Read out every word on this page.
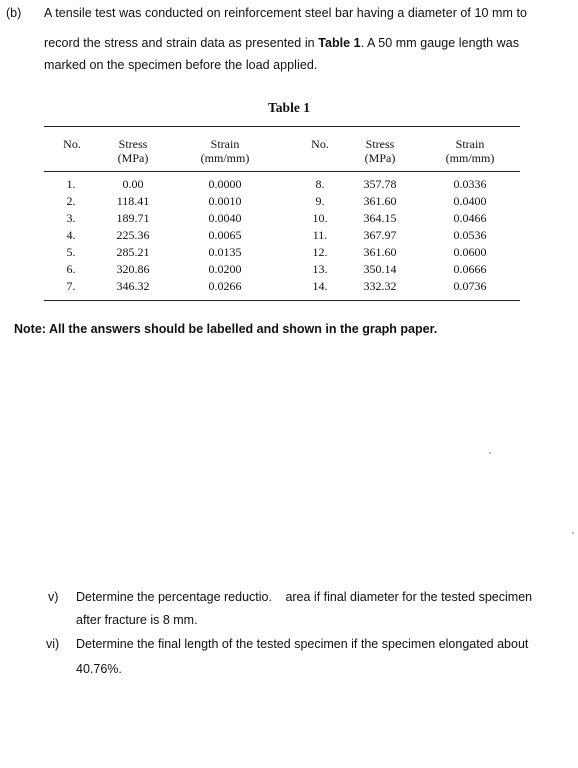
(b) A tensile test was conducted on reinforcement steel bar having a diameter of 10 mm to
record the stress and strain data as presented in Table 1. A 50 mm gauge length was
marked on the specimen before the load applied.
Table 1
No.	Stress
(MPa)
Strain
(mm/mm)
No.	Stress
(MPa)
Strain
(mm/mm)
1.
2.
3.
4.
5.
6.
7.
0.00
118.41
189.71
225.36
285.21
320.86
346.32
0.0000
0.0010
0.0040
0.0065
0.0135
0.0200
0.0266
8.
9.
10.
11.
12.
13.
14.
357.78
361.60
364.15
367.97
361.60
350.14
332.32
0.0336
0.0400
0.0466
0.0536
0.0600
0.0666
0.0736
Note: All the answers should be labelled and shown in the graph paper.
v) Determine the percentage reductio. area if final diameter for the tested specimen
after fracture is 8 mm.
vi) Determine the final length of the tested specimen if the specimen elongated about
40.76%.
